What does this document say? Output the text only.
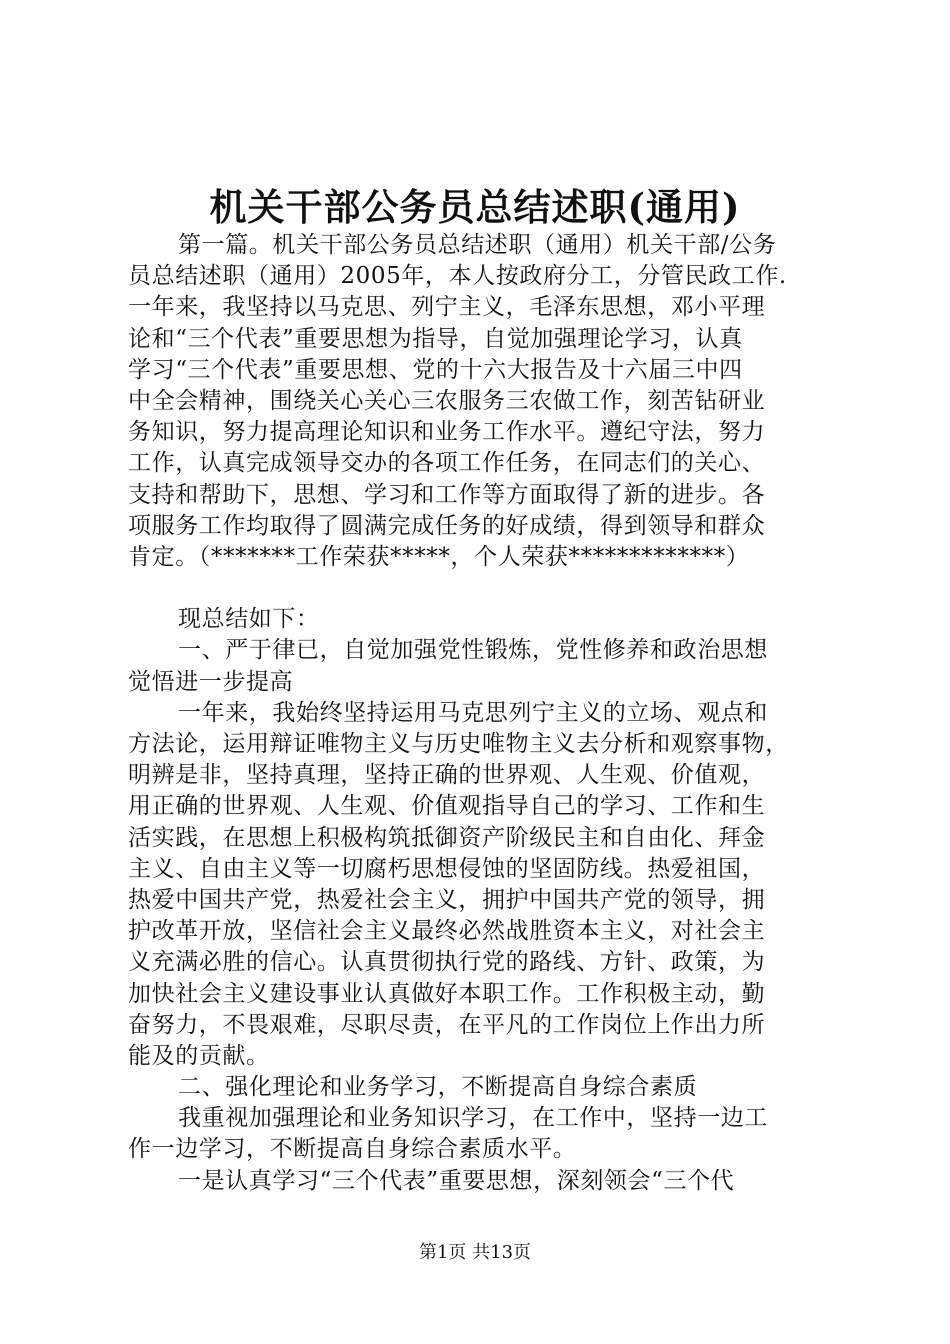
机关干部公务员总结述职(通用)
第一篇。机关干部公务员总结述职（通用）机关干部/公务
员总结述职（通用）2005年，本人按政府分工，分管民政工作.
一年来，我坚持以马克思、列宁主义，毛泽东思想，邓小平理
论和“三个代表”重要思想为指导，自觉加强理论学习，认真
学习“三个代表”重要思想、党的十六大报告及十六届三中四
中全会精神，围绕关心关心三农服务三农做工作，刻苦钻研业
务知识，努力提高理论知识和业务工作水平。遵纪守法，努力
工作，认真完成领导交办的各项工作任务，在同志们的关心、
支持和帮助下，思想、学习和工作等方面取得了新的进步。各
项服务工作均取得了圆满完成任务的好成绩，得到领导和群众
肯定。（*******工作荣获*****，个人荣获*************）
现总结如下：
一、严于律已，自觉加强党性锻炼，党性修养和政治思想
觉悟进一步提高
一年来，我始终坚持运用马克思列宁主义的立场、观点和
方法论，运用辩证唯物主义与历史唯物主义去分析和观察事物，
明辨是非，坚持真理，坚持正确的世界观、人生观、价值观，
用正确的世界观、人生观、价值观指导自己的学习、工作和生
活实践，在思想上积极构筑抵御资产阶级民主和自由化、拜金
主义、自由主义等一切腐朽思想侵蚀的坚固防线。热爱祖国，
热爱中国共产党，热爱社会主义，拥护中国共产党的领导，拥
护改革开放，坚信社会主义最终必然战胜资本主义，对社会主
义充满必胜的信心。认真贯彻执行党的路线、方针、政策，为
加快社会主义建设事业认真做好本职工作。工作积极主动，勤
奋努力，不畏艰难，尽职尽责，在平凡的工作岗位上作出力所
能及的贡献。
二、强化理论和业务学习，不断提高自身综合素质
我重视加强理论和业务知识学习，在工作中，坚持一边工
作一边学习，不断提高自身综合素质水平。
一是认真学习“三个代表”重要思想，深刻领会“三个代
第1页 共13页
